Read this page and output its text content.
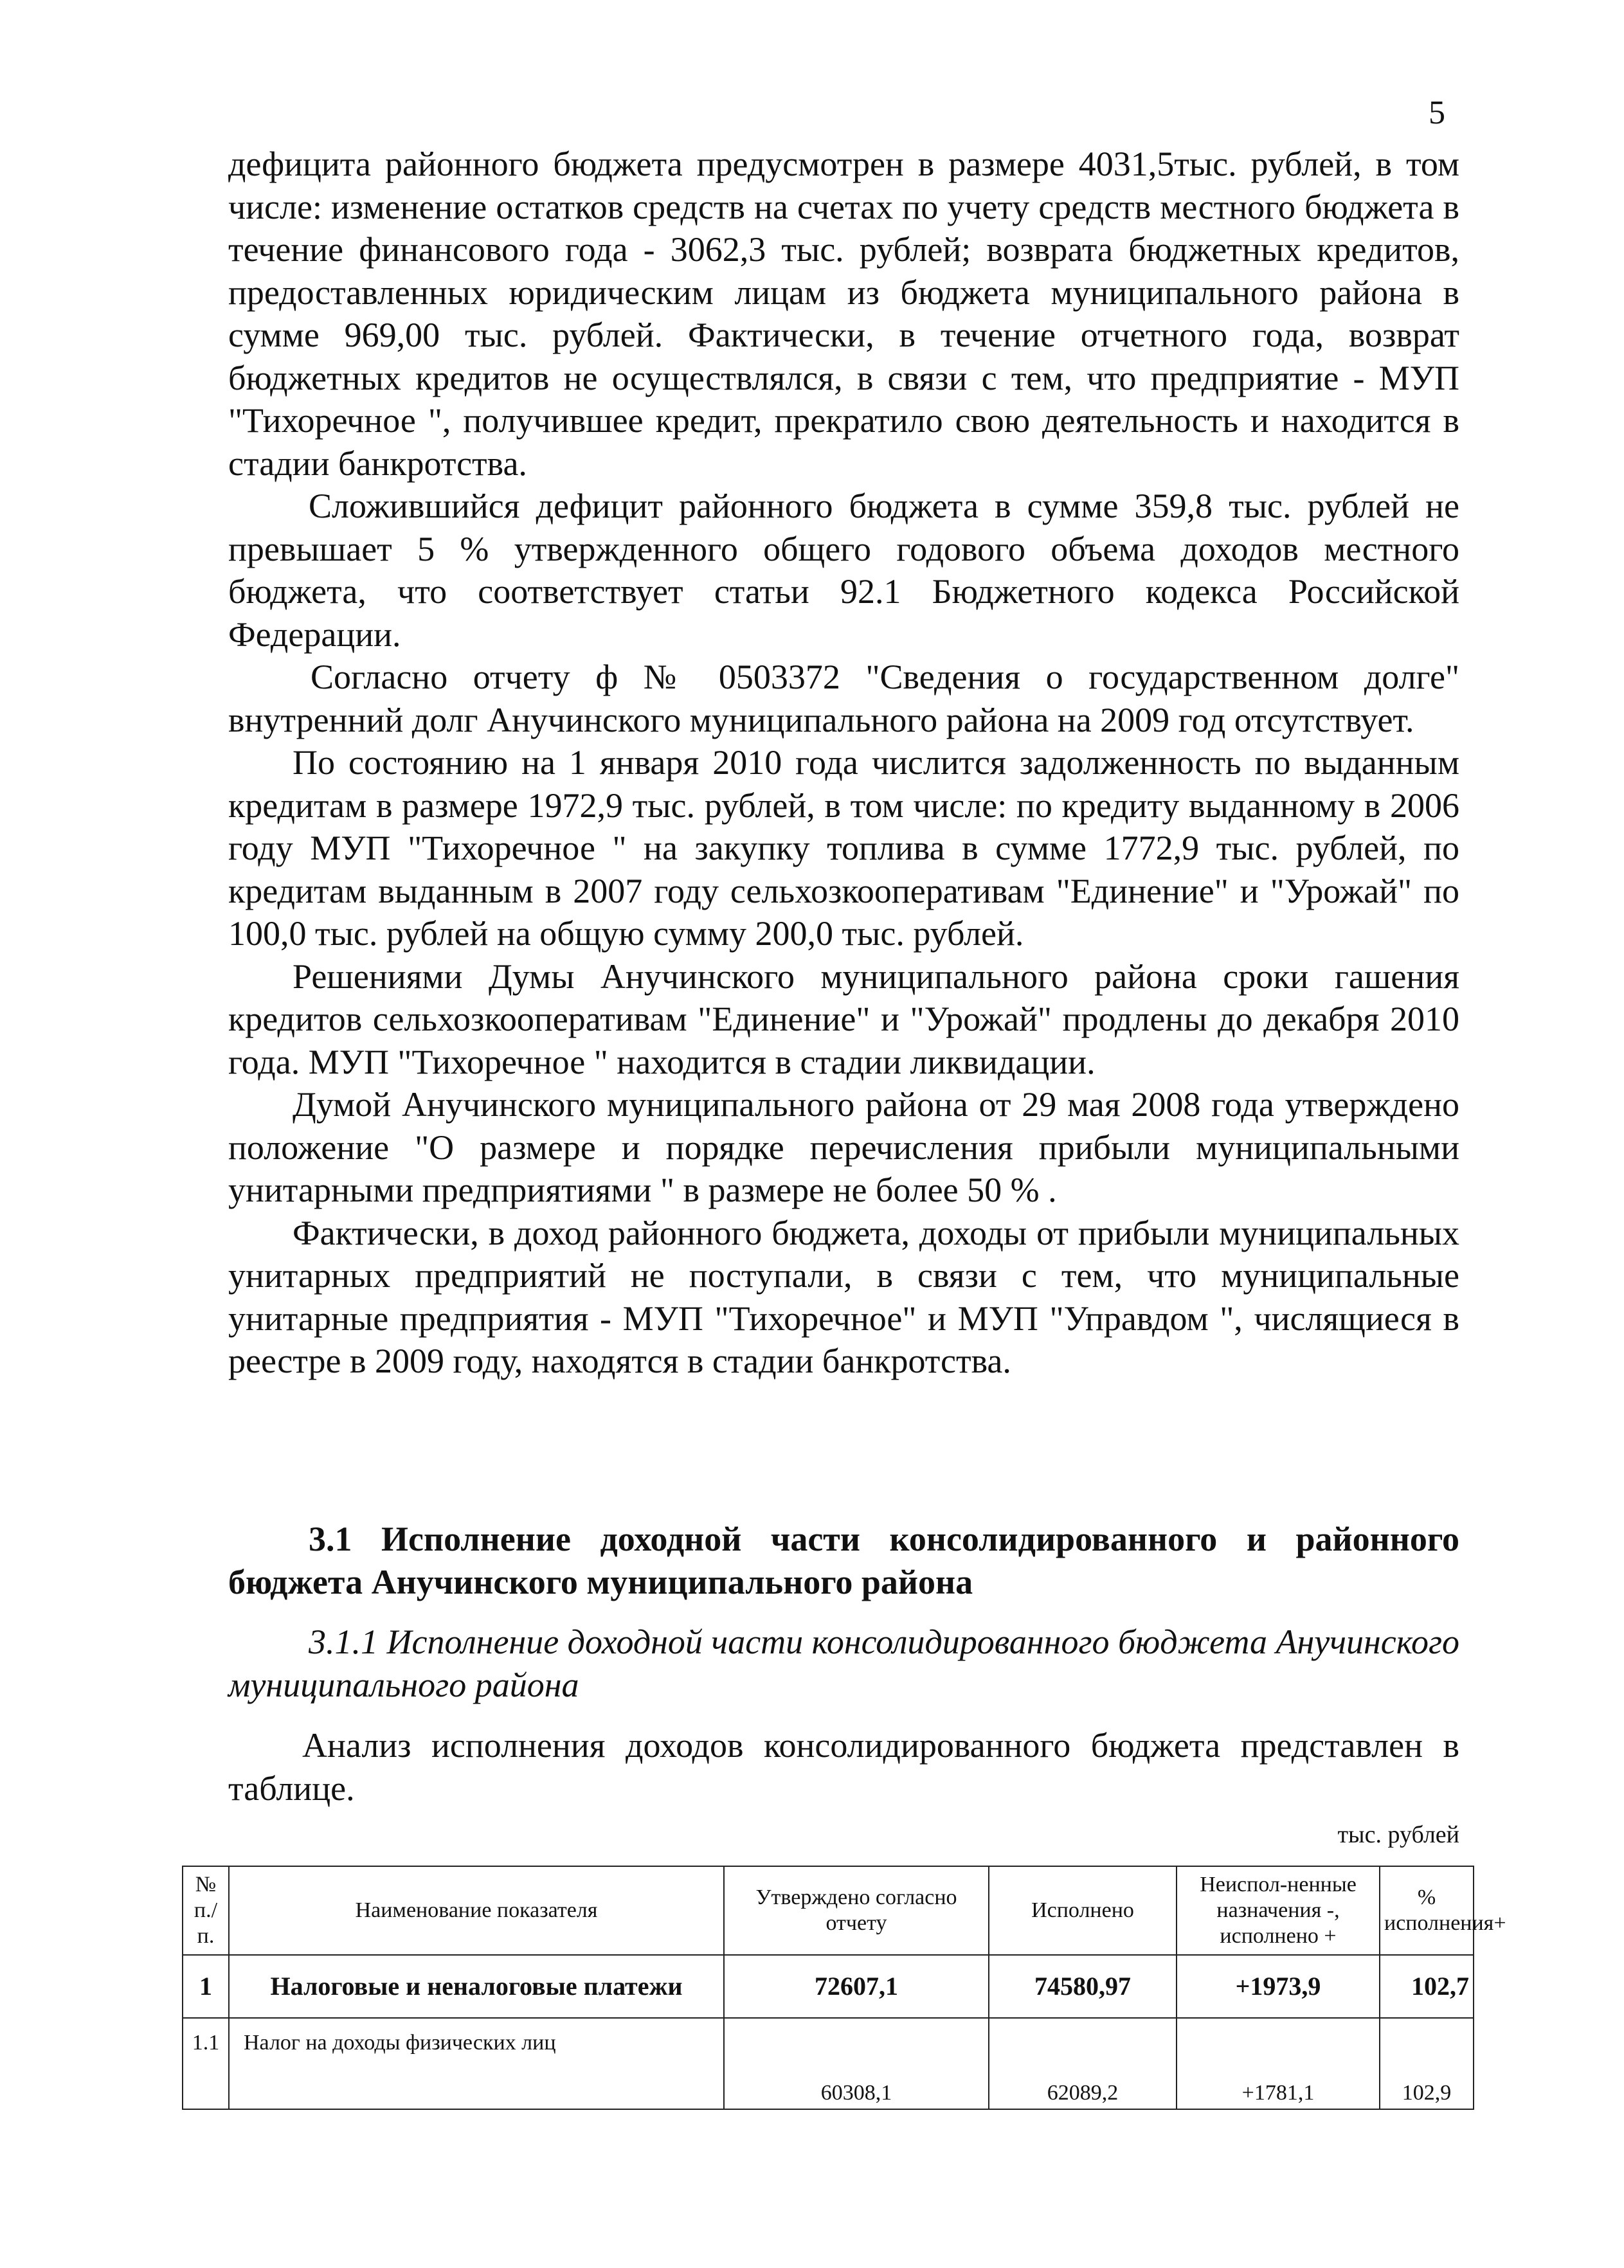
5

дефицита районного бюджета предусмотрен в размере 4031,5тыс. рублей, в том числе: изменение остатков средств на счетах по учету средств местного бюджета в течение финансового года - 3062,3 тыс. рублей; возврата бюджетных кредитов, предоставленных юридическим лицам из бюджета муниципального района в сумме 969,00 тыс. рублей. Фактически, в течение отчетного года, возврат бюджетных кредитов не осуществлялся, в связи с тем, что предприятие - МУП "Тихоречное ", получившее кредит, прекратило свою деятельность и находится в стадии банкротства.

Сложившийся дефицит районного бюджета в сумме 359,8 тыс. рублей не превышает 5 % утвержденного общего годового объема доходов местного бюджета, что соответствует статьи 92.1 Бюджетного кодекса Российской Федерации.

Согласно отчету ф № 0503372 "Сведения о государственном долге" внутренний долг Анучинского муниципального района на 2009 год отсутствует.

По состоянию на 1 января 2010 года числится задолженность по выданным кредитам в размере 1972,9 тыс. рублей, в том числе: по кредиту выданному в 2006 году МУП "Тихоречное " на закупку топлива в сумме 1772,9 тыс. рублей, по кредитам выданным в 2007 году сельхозкооперативам "Единение" и "Урожай" по 100,0 тыс. рублей на общую сумму 200,0 тыс. рублей.

Решениями Думы Анучинского муниципального района сроки гашения кредитов сельхозкооперативам "Единение" и "Урожай" продлены до декабря 2010 года. МУП "Тихоречное " находится в стадии ликвидации.

Думой Анучинского муниципального района от 29 мая 2008 года утверждено положение "О размере и порядке перечисления прибыли муниципальными унитарными предприятиями " в размере не более 50 % .

Фактически, в доход районного бюджета, доходы от прибыли муниципальных унитарных предприятий не поступали, в связи с тем, что муниципальные унитарные предприятия - МУП "Тихоречное" и МУП "Управдом ", числящиеся в реестре в 2009 году, находятся в стадии банкротства.

3.1 Исполнение доходной части консолидированного и районного бюджета Анучинского муниципального района

3.1.1 Исполнение доходной части консолидированного бюджета Анучинского муниципального района

Анализ исполнения доходов консолидированного бюджета представлен в таблице.

тыс. рублей
№ п./п.	Наименование показателя	Утверждено согласно отчету	Исполнено	Неиспол-ненные назначения -, исполнено +	% исполнения+
1	Налоговые и неналоговые платежи	72607,1	74580,97	+1973,9	102,7
1.1	Налог на доходы физических лиц	60308,1	62089,2	+1781,1	102,9
